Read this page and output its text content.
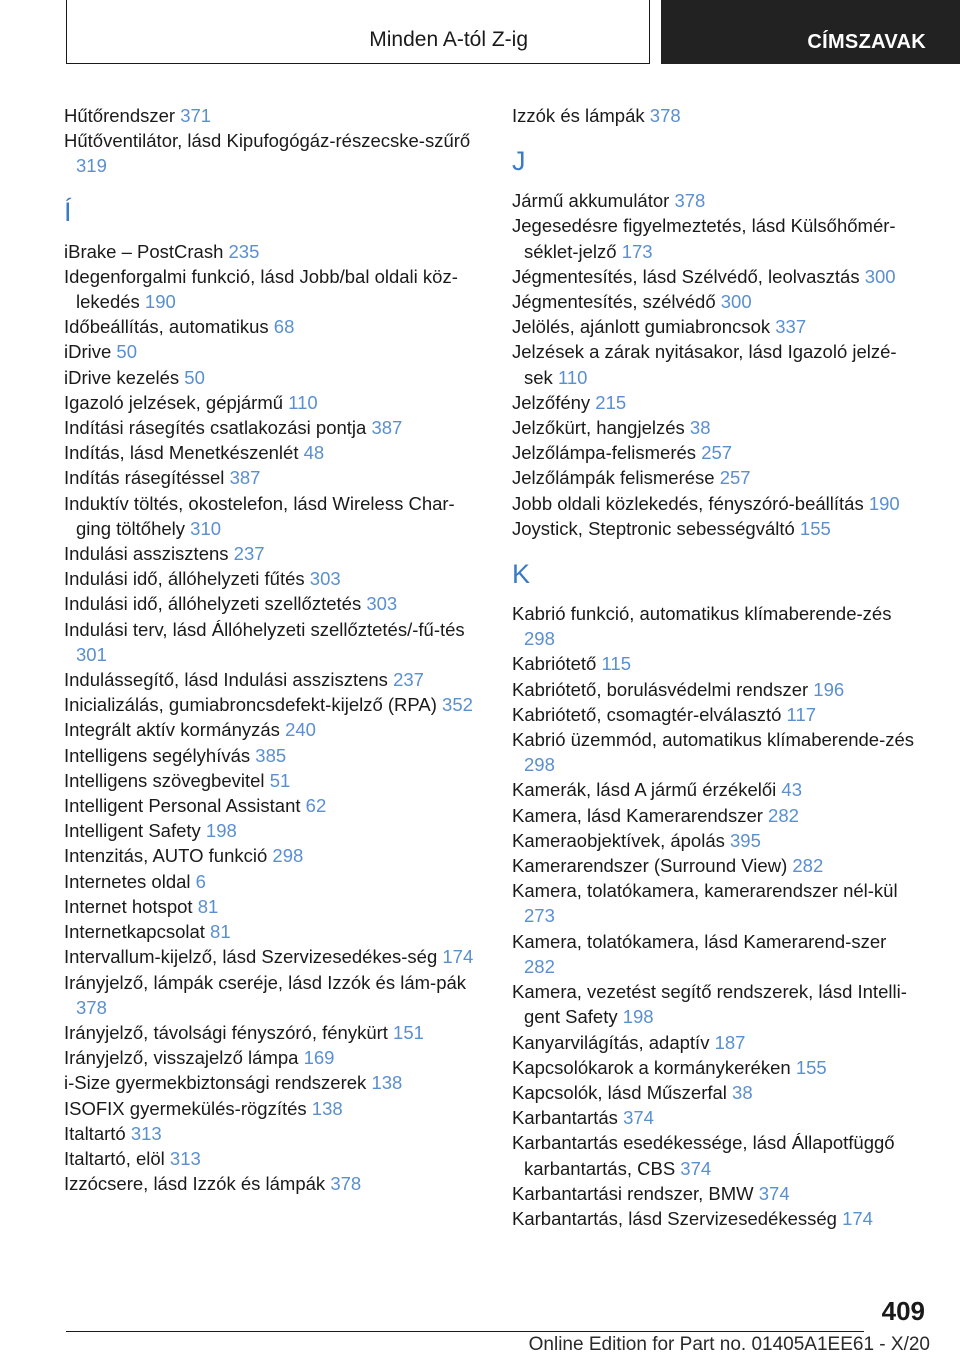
Minden A-tól Z-ig	CÍMSZAVAK
Hűtőrendszer 371
Hűtőventilátor, lásd Kipufogógáz-részecske-szűrő 319
Í
iBrake – PostCrash 235
Idegenforgalmi funkció, lásd Jobb/bal oldali köz-lekedés 190
Időbeállítás, automatikus 68
iDrive 50
iDrive kezelés 50
Igazoló jelzések, gépjármű 110
Indítási rásegítés csatlakozási pontja 387
Indítás, lásd Menetkészenlét 48
Indítás rásegítéssel 387
Induktív töltés, okostelefon, lásd Wireless Char-ging töltőhely 310
Indulási asszisztens 237
Indulási idő, állóhelyzeti fűtés 303
Indulási idő, állóhelyzeti szellőztetés 303
Indulási terv, lásd Állóhelyzeti szellőztetés/-fű-tés 301
Indulássegítő, lásd Indulási asszisztens 237
Inicializálás, gumiabroncsdefekt-kijelző (RPA) 352
Integrált aktív kormányzás 240
Intelligens segélyhívás 385
Intelligens szövegbevitel 51
Intelligent Personal Assistant 62
Intelligent Safety 198
Intenzitás, AUTO funkció 298
Internetes oldal 6
Internet hotspot 81
Internetkapcsolat 81
Intervallum-kijelző, lásd Szervizesedékes-ség 174
Irányjelző, lámpák cseréje, lásd Izzók és lám-pák 378
Irányjelző, távolsági fényszóró, fénykürt 151
Irányjelző, visszajelző lámpa 169
i-Size gyermekbiztonsági rendszerek 138
ISOFIX gyermekülés-rögzítés 138
Italtartó 313
Italtartó, elöl 313
Izzócsere, lásd Izzók és lámpák 378
Izzók és lámpák 378
J
Jármű akkumulátor 378
Jegesedésre figyelmeztetés, lásd Külsőhőmér-séklet-jelző 173
Jégmentesítés, lásd Szélvédő, leolvasztás 300
Jégmentesítés, szélvédő 300
Jelölés, ajánlott gumiabroncsok 337
Jelzések a zárak nyitásakor, lásd Igazoló jelzé-sek 110
Jelzőfény 215
Jelzőkürt, hangjelzés 38
Jelzőlámpa-felismerés 257
Jelzőlámpák felismerése 257
Jobb oldali közlekedés, fényszóró-beállítás 190
Joystick, Steptronic sebességváltó 155
K
Kabrió funkció, automatikus klímaberende-zés 298
Kabriótető 115
Kabriótető, borulásvédelmi rendszer 196
Kabriótető, csomagtér-elválasztó 117
Kabrió üzemmód, automatikus klímaberende-zés 298
Kamerák, lásd A jármű érzékelői 43
Kamera, lásd Kamerarendszer 282
Kameraobjektívek, ápolás 395
Kamerarendszer (Surround View) 282
Kamera, tolatókamera, kamerarendszer nél-kül 273
Kamera, tolatókamera, lásd Kamerarend-szer 282
Kamera, vezetést segítő rendszerek, lásd Intelli-gent Safety 198
Kanyarvilágítás, adaptív 187
Kapcsolókarok a kormánykeréken 155
Kapcsolók, lásd Műszerfal 38
Karbantartás 374
Karbantartás esedékessége, lásd Állapotfüggő karbantartás, CBS 374
Karbantartási rendszer, BMW 374
Karbantartás, lásd Szervizesedékesség 174
409
Online Edition for Part no. 01405A1EE61 - X/20
